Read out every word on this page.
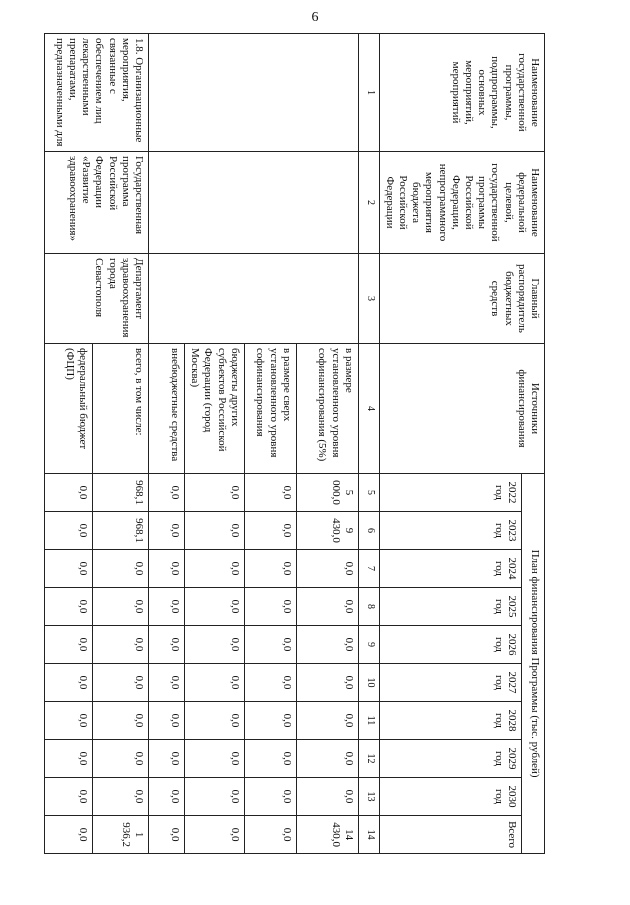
6
Наименование государственной программы, подпрограммы, основных мероприятий, мероприятий	Наименование федеральной целевой, государственной программы Российской Федерации, непрограммного мероприятия бюджета Российской Федерации	Главный распорядитель бюджетных средств	Источники финансирования	План финансирования Программы (тыс. рублей)									
				2022 год	2023 год	2024 год	2025 год	2026 год	2027 год	2028 год	2029 год	2030 год	Всего
1	2	3	4	5	6	7	8	9	10	11	12	13	14
			в размере установленного уровня софинансирования (5%)	5 000,0	9 430,0	0,0	0,0	0,0	0,0	0,0	0,0	0,0	14 430,0
			в размере сверх установленного уровня софинансирования	0,0	0,0	0,0	0,0	0,0	0,0	0,0	0,0	0,0	0,0
			бюджеты других субъектов Российской Федерации (город Москва)	0,0	0,0	0,0	0,0	0,0	0,0	0,0	0,0	0,0	0,0
			внебюджетные средства	0,0	0,0	0,0	0,0	0,0	0,0	0,0	0,0	0,0	0,0
1.8. Организационные мероприятия, связанные с обеспечением лиц лекарственными препаратами, предназначенными для	Государственная программа Российской Федерации «Развитие здравоохранения»	Департамент здравоохранения города Севастополя	всего, в том числе:	968,1	968,1	0,0	0,0	0,0	0,0	0,0	0,0	0,0	1 936,2
			федеральный бюджет (ФЦП)	0,0	0,0	0,0	0,0	0,0	0,0	0,0	0,0	0,0	0,0
